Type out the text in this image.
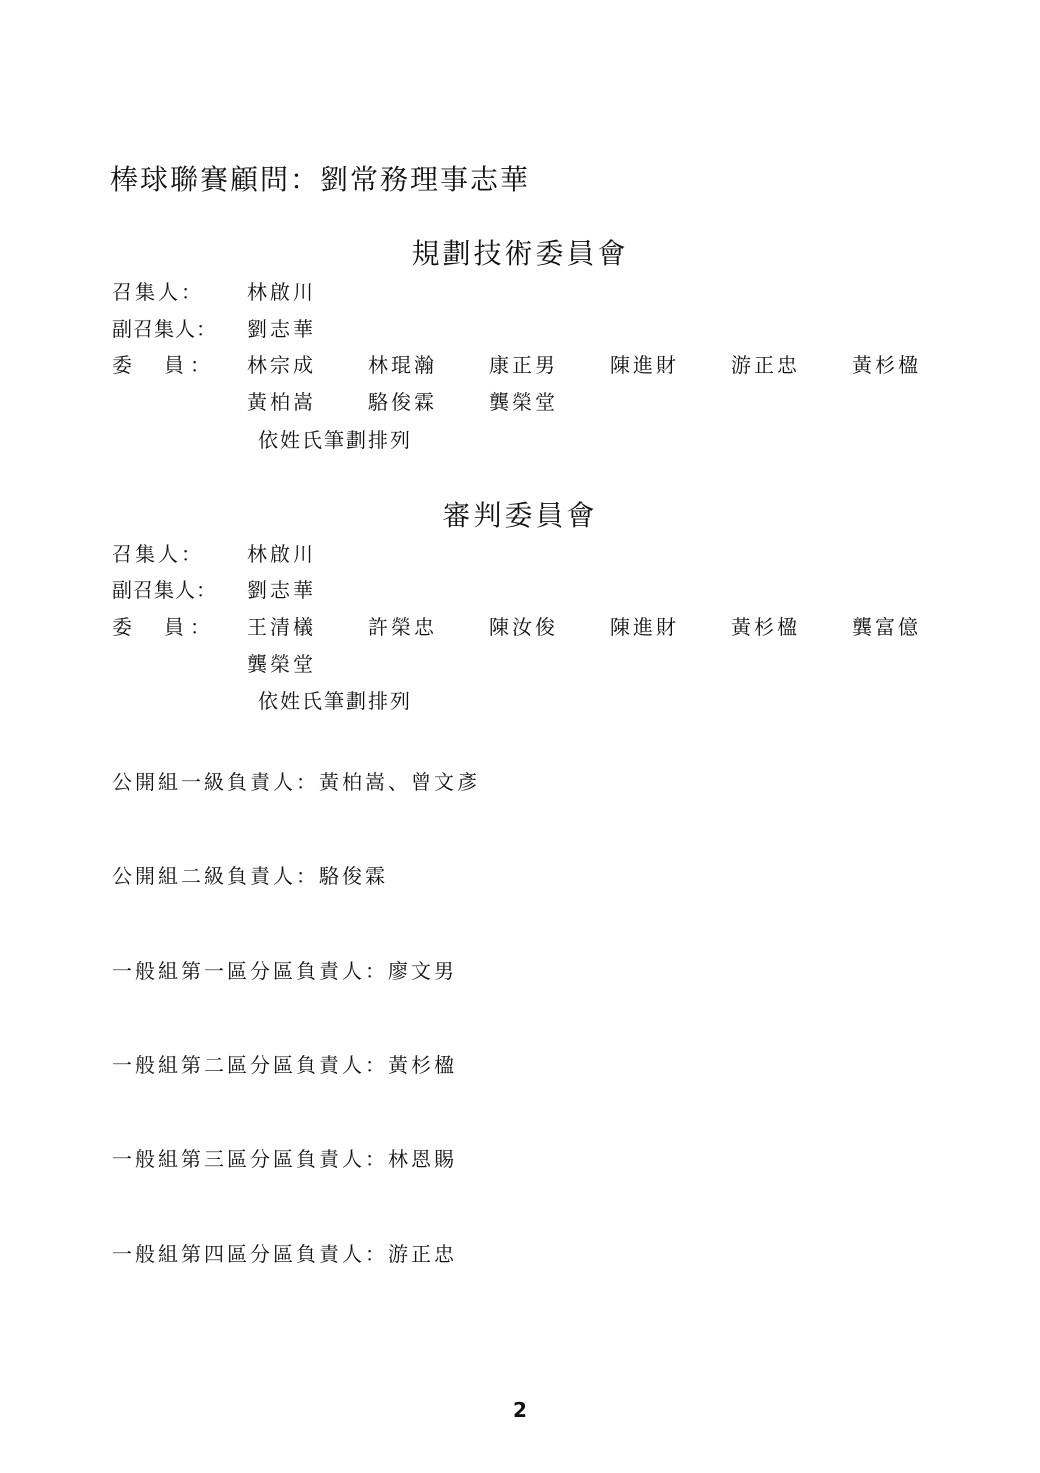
棒球聯賽顧問：劉常務理事志華
規劃技術委員會
召集人： 林啟川
副召集人： 劉志華
委　員： 林宗成	林琨瀚	康正男	陳進財	游正忠	黃杉楹
黃柏嵩	駱俊霖	龔榮堂
依姓氏筆劃排列
審判委員會
召集人： 林啟川
副召集人： 劉志華
委　員： 王清檥	許榮忠	陳汝俊	陳進財	黃杉楹	龔富億
龔榮堂
依姓氏筆劃排列
公開組一級負責人：黃柏嵩、曾文彥
公開組二級負責人：駱俊霖
一般組第一區分區負責人：廖文男
一般組第二區分區負責人：黃杉楹
一般組第三區分區負責人：林恩賜
一般組第四區分區負責人：游正忠
2
